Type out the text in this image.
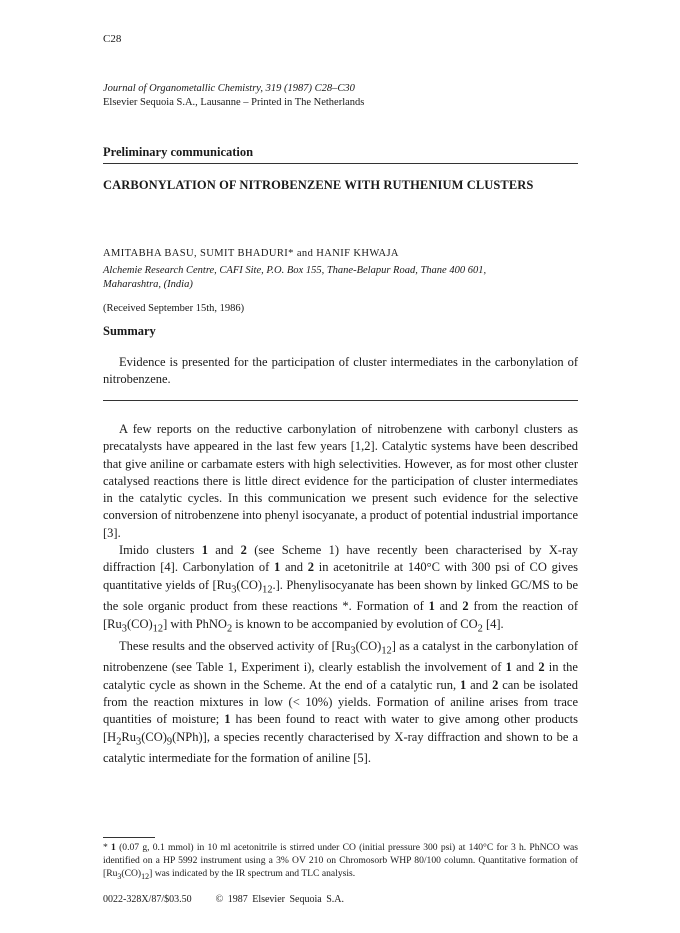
C28
Journal of Organometallic Chemistry, 319 (1987) C28–C30
Elsevier Sequoia S.A., Lausanne – Printed in The Netherlands
Preliminary communication
CARBONYLATION OF NITROBENZENE WITH RUTHENIUM CLUSTERS
AMITABHA BASU, SUMIT BHADURI* and HANIF KHWAJA
Alchemie Research Centre, CAFI Site, P.O. Box 155, Thane-Belapur Road, Thane 400 601,
Maharashtra, (India)
(Received September 15th, 1986)
Summary
Evidence is presented for the participation of cluster intermediates in the carbonylation of nitrobenzene.

A few reports on the reductive carbonylation of nitrobenzene with carbonyl clusters as precatalysts have appeared in the last few years [1,2]. Catalytic systems have been described that give aniline or carbamate esters with high selectivities. However, as for most other cluster catalysed reactions there is little direct evidence for the participation of cluster intermediates in the catalytic cycles. In this communication we present such evidence for the selective conversion of nitrobenzene into phenyl isocyanate, a product of potential industrial importance [3].

Imido clusters 1 and 2 (see Scheme 1) have recently been characterised by X-ray diffraction [4]. Carbonylation of 1 and 2 in acetonitrile at 140°C with 300 psi of CO gives quantitative yields of $[Ru_3(CO)_{12}.]$. Phenylisocyanate has been shown by linked GC/MS to be the sole organic product from these reactions *. Formation of 1 and 2 from the reaction of $[Ru_3(CO)_{12}]$ with PhNO$_2$ is known to be accompanied by evolution of $CO_2$ [4].

These results and the observed activity of $[Ru_3(CO)_{12}]$ as a catalyst in the carbonylation of nitrobenzene (see Table 1, Experiment i), clearly establish the involvement of 1 and 2 in the catalytic cycle as shown in the Scheme. At the end of a catalytic run, 1 and 2 can be isolated from the reaction mixtures in low (< 10%) yields. Formation of aniline arises from trace quantities of moisture; 1 has been found to react with water to give among other products $[H_2Ru_3(CO)_9(NPh)]$, a species recently characterised by X-ray diffraction and shown to be a catalytic intermediate for the formation of aniline [5].

* 1 (0.07 g, 0.1 mmol) in 10 ml acetonitrile is stirred under CO (initial pressure 300 psi) at 140°C for 3 h. PhNCO was identified on a HP 5992 instrument using a 3% OV 210 on Chromosorb WHP 80/100 column. Quantitative formation of $[Ru_3(CO)_{12}]$ was indicated by the IR spectrum and TLC analysis.
0022-328X/87/$03.50 © 1987 Elsevier Sequoia S.A.
